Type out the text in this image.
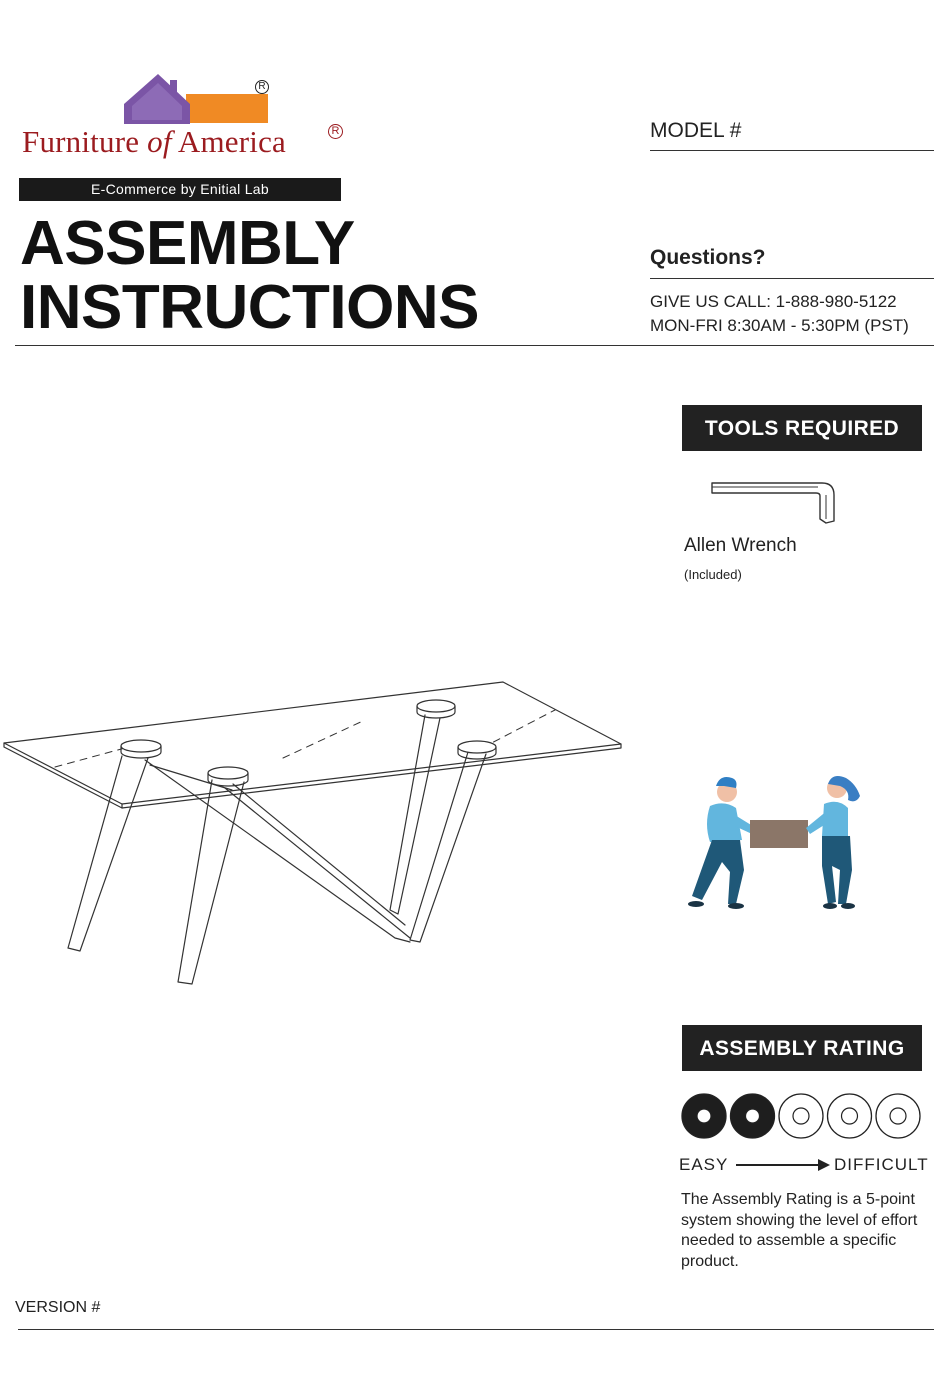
R
Furniture of America	R
E-Commerce by Enitial Lab
ASSEMBLY
INSTRUCTIONS
MODEL #
Questions?
GIVE US CALL: 1-888-980-5122
MON-FRI 8:30AM - 5:30PM (PST)
TOOLS REQUIRED
Allen Wrench
(Included)
ASSEMBLY RATING
EASY	DIFFICULT
The Assembly Rating is a 5-point system showing the level of effort needed to assemble a specific product.
VERSION #
